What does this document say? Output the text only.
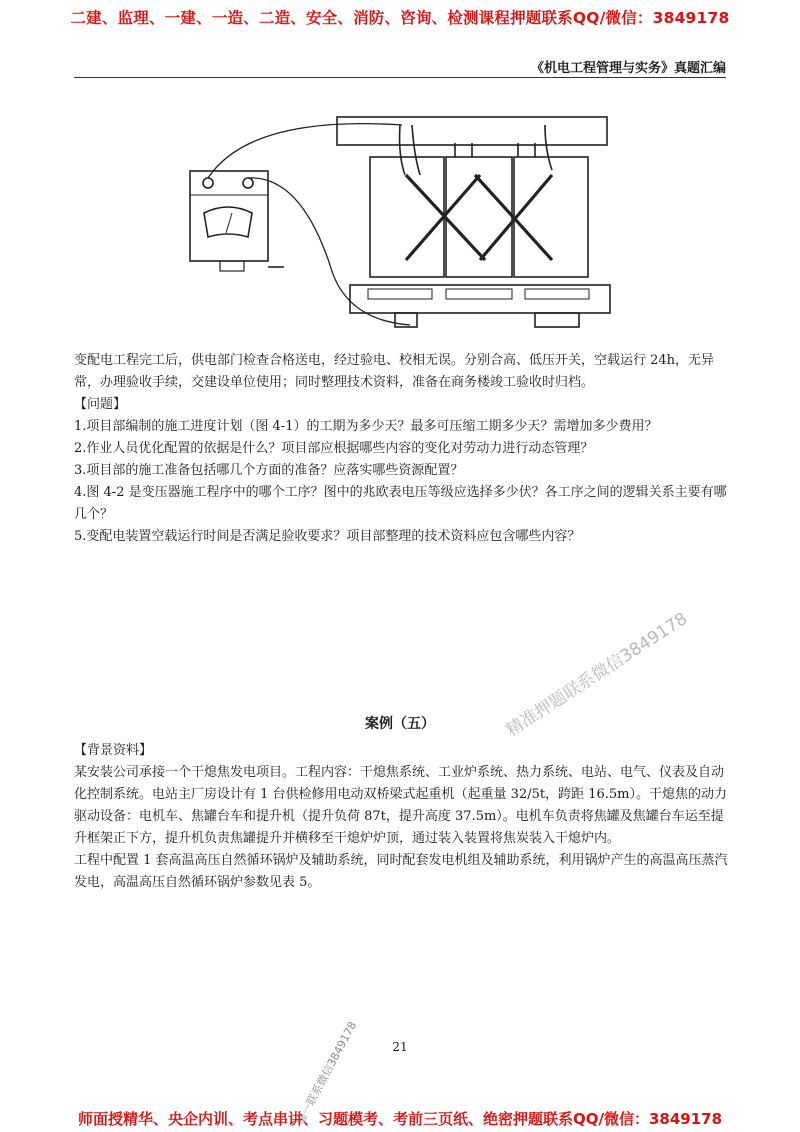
二建、监理、一建、一造、二造、安全、消防、咨询、检测课程押题联系QQ/微信：3849178
《机电工程管理与实务》真题汇编

变配电工程完工后，供电部门检查合格送电，经过验电、校相无误。分别合高、低压开关，空载运行 24h，无异常，办理验收手续，交建设单位使用；同时整理技术资料，准备在商务楼竣工验收时归档。

【问题】

1.项目部编制的施工进度计划（图 4-1）的工期为多少天？最多可压缩工期多少天？需增加多少费用？

2.作业人员优化配置的依据是什么？项目部应根据哪些内容的变化对劳动力进行动态管理？

3.项目部的施工准备包括哪几个方面的准备？应落实哪些资源配置？

4.图 4-2 是变压器施工程序中的哪个工序？图中的兆欧表电压等级应选择多少伏？各工序之间的逻辑关系主要有哪几个？

5.变配电装置空载运行时间是否满足验收要求？项目部整理的技术资料应包含哪些内容？

精准押题联系微信3849178
案例（五）

【背景资料】

某安装公司承接一个干熄焦发电项目。工程内容：干熄焦系统、工业炉系统、热力系统、电站、电气、仪表及自动化控制系统。电站主厂房设计有 1 台供检修用电动双桥梁式起重机（起重量 32/5t，跨距 16.5m）。干熄焦的动力驱动设备：电机车、焦罐台车和提升机（提升负荷 87t，提升高度 37.5m）。电机车负责将焦罐及焦罐台车运至提升框架正下方，提升机负责焦罐提升并横移至干熄炉炉顶，通过装入装置将焦炭装入干熄炉内。

工程中配置 1 套高温高压自然循环锅炉及辅助系统，同时配套发电机组及辅助系统，利用锅炉产生的高温高压蒸汽发电，高温高压自然循环锅炉参数见表 5。

21
唯一联系微信3849178
师面授精华、央企内训、考点串讲、习题模考、考前三页纸、绝密押题联系QQ/微信：3849178
